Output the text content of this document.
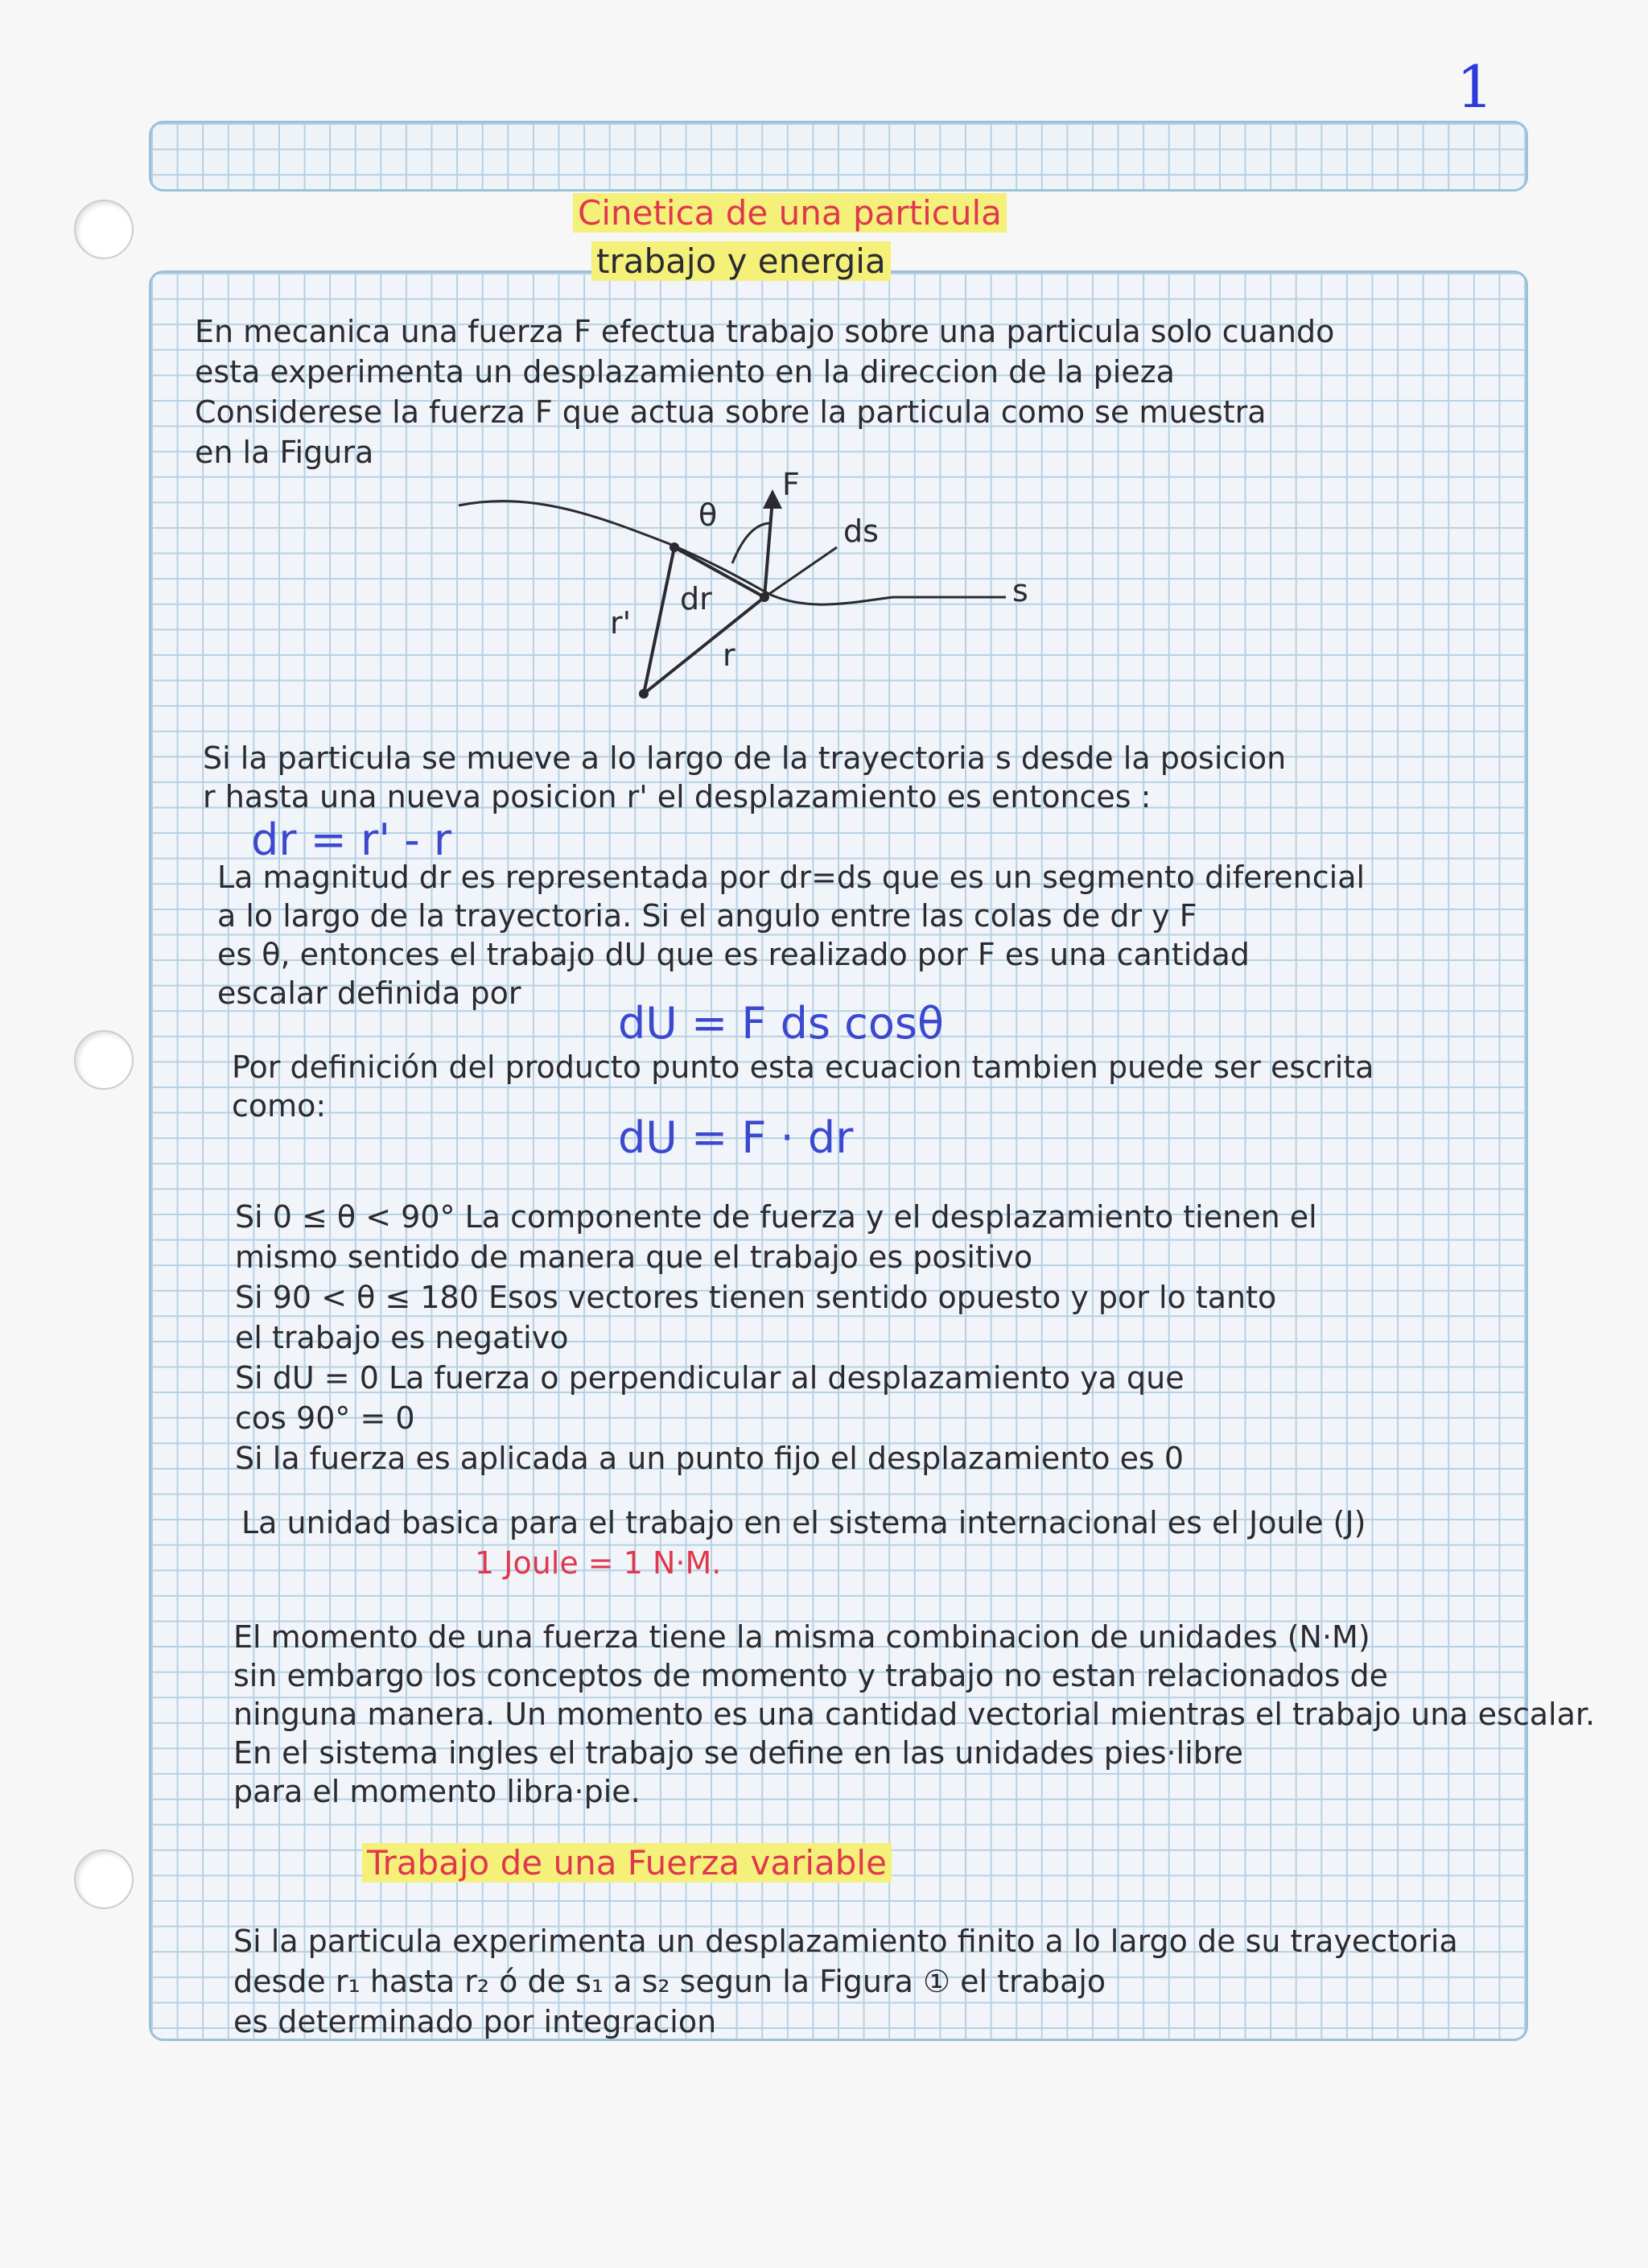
1
Cinetica de una particula
trabajo y energia
En mecanica una fuerza F efectua trabajo sobre una particula solo cuando
esta experimenta un desplazamiento en la direccion de la pieza
Considerese la fuerza F que actua sobre la particula como se muestra
en la Figura
F
θ	ds
s
r'
dr
r
Si la particula se mueve a lo largo de la trayectoria s desde la posicion
r hasta una nueva posicion r' el desplazamiento es entonces :
dr = r' - r
La magnitud dr es representada por dr=ds que es un segmento diferencial
a lo largo de la trayectoria. Si el angulo entre las colas de dr y F
es θ, entonces el trabajo dU que es realizado por F es una cantidad
escalar definida por
dU = F ds cosθ
Por definición del producto punto esta ecuacion tambien puede ser escrita
como:
dU = F · dr
Si 0 ≤ θ < 90° La componente de fuerza y el desplazamiento tienen el
mismo sentido de manera que el trabajo es positivo
Si 90 < θ ≤ 180 Esos vectores tienen sentido opuesto y por lo tanto
el trabajo es negativo
Si dU = 0 La fuerza o perpendicular al desplazamiento ya que
cos 90° = 0
Si la fuerza es aplicada a un punto fijo el desplazamiento es 0
La unidad basica para el trabajo en el sistema internacional es el Joule (J)
1 Joule = 1 N·M.
El momento de una fuerza tiene la misma combinacion de unidades (N·M)
sin embargo los conceptos de momento y trabajo no estan relacionados de
ninguna manera. Un momento es una cantidad vectorial mientras el trabajo una escalar.
En el sistema ingles el trabajo se define en las unidades pies·libre
para el momento libra·pie.
Trabajo de una Fuerza variable
Si la particula experimenta un desplazamiento finito a lo largo de su trayectoria
desde r₁ hasta r₂ ó de s₁ a s₂ segun la Figura ① el trabajo
es determinado por integracion
